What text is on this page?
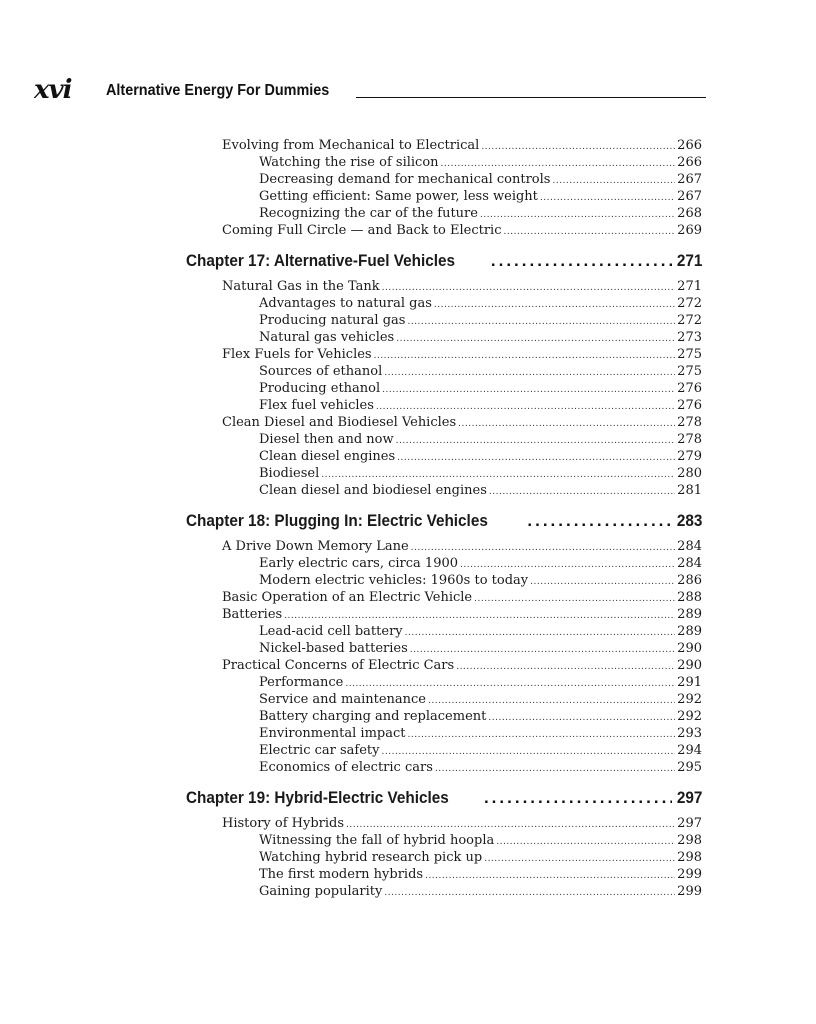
xvi Alternative Energy For Dummies
Evolving from Mechanical to Electrical .....	266
Watching the rise of silicon .....	266
Decreasing demand for mechanical controls .....	267
Getting efficient: Same power, less weight .....	267
Recognizing the car of the future .....	268
Coming Full Circle — and Back to Electric .....	269
Chapter 17: Alternative-Fuel Vehicles .....	271
Natural Gas in the Tank .....	271
Advantages to natural gas .....	272
Producing natural gas .....	272
Natural gas vehicles .....	273
Flex Fuels for Vehicles .....	275
Sources of ethanol .....	275
Producing ethanol .....	276
Flex fuel vehicles .....	276
Clean Diesel and Biodiesel Vehicles .....	278
Diesel then and now .....	278
Clean diesel engines .....	279
Biodiesel .....	280
Clean diesel and biodiesel engines .....	281
Chapter 18: Plugging In: Electric Vehicles .....	283
A Drive Down Memory Lane .....	284
Early electric cars, circa 1900 .....	284
Modern electric vehicles: 1960s to today .....	286
Basic Operation of an Electric Vehicle .....	288
Batteries .....	289
Lead-acid cell battery .....	289
Nickel-based batteries .....	290
Practical Concerns of Electric Cars .....	290
Performance .....	291
Service and maintenance .....	292
Battery charging and replacement .....	292
Environmental impact .....	293
Electric car safety .....	294
Economics of electric cars .....	295
Chapter 19: Hybrid-Electric Vehicles .....	297
History of Hybrids .....	297
Witnessing the fall of hybrid hoopla .....	298
Watching hybrid research pick up .....	298
The first modern hybrids .....	299
Gaining popularity .....	299
